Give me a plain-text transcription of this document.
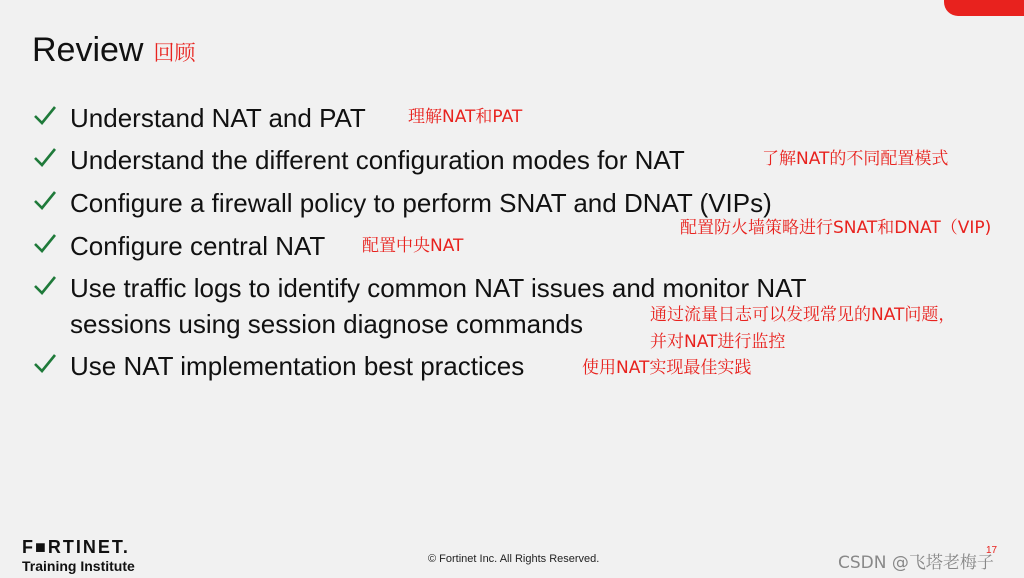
Review 回顾
Understand NAT and PAT
Understand the different configuration modes for NAT
Configure a firewall policy to perform SNAT and DNAT (VIPs)
Configure central NAT
Use traffic logs to identify common NAT issues and monitor NAT
sessions using session diagnose commands
Use NAT implementation best practices
理解NAT和PAT
了解NAT的不同配置模式
配置防火墙策略进行SNAT和DNAT（VIP)
配置中央NAT
通过流量日志可以发现常见的NAT问题，
并对NAT进行监控
使用NAT实现最佳实践
F■RTINET.
Training Institute	© Fortinet Inc. All Rights Reserved.	CSDN @飞塔老梅子
17
